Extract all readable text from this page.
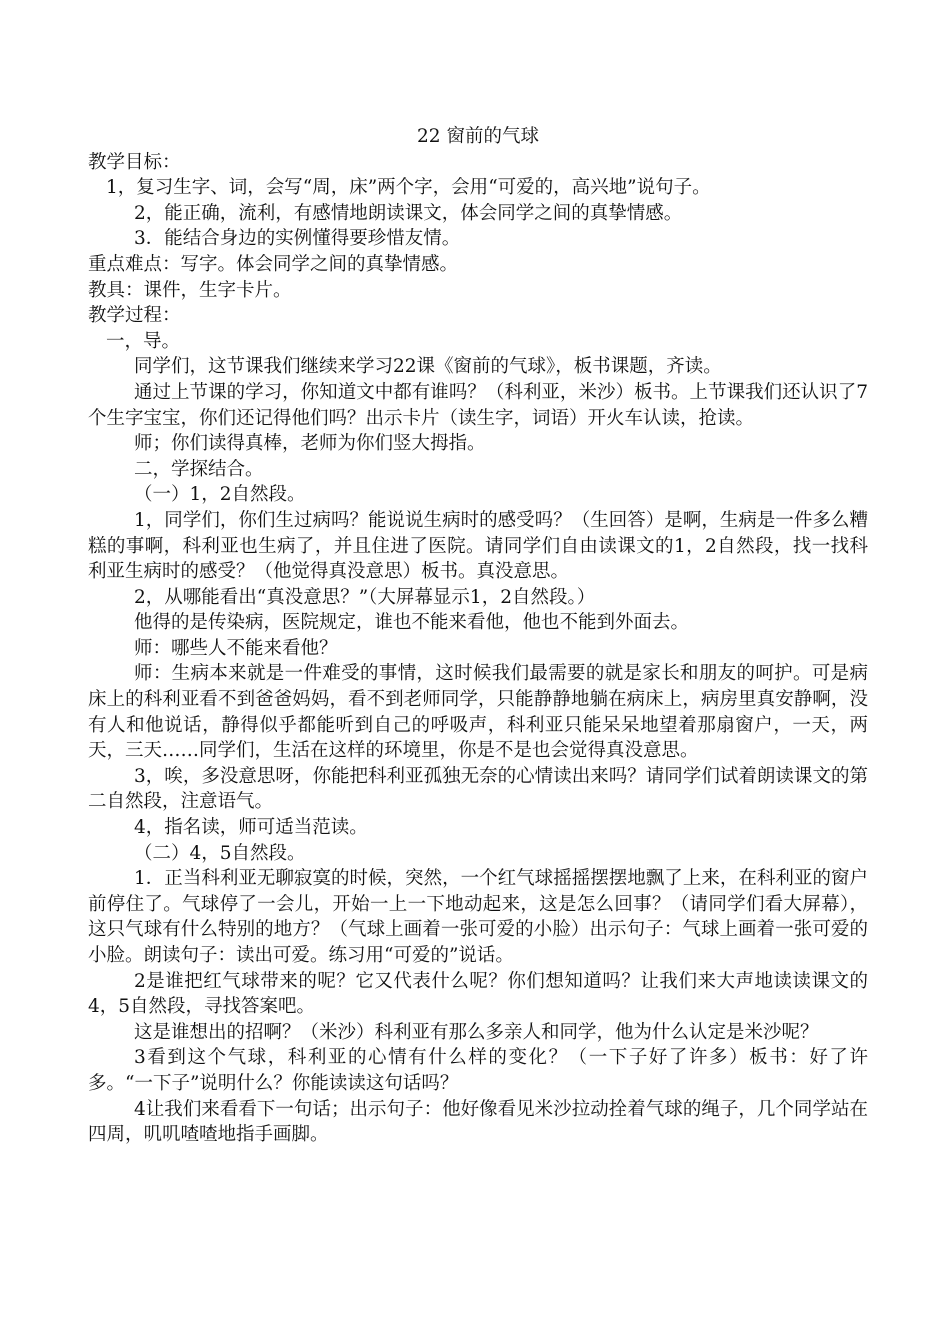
22 窗前的气球

教学目标：

1，复习生字、词，会写“周，床”两个字，会用“可爱的，高兴地”说句子。

2，能正确，流利，有感情地朗读课文，体会同学之间的真挚情感。

3．能结合身边的实例懂得要珍惜友情。

重点难点：写字。体会同学之间的真挚情感。

教具：课件，生字卡片。

教学过程：

一，导。

同学们，这节课我们继续来学习22课《窗前的气球》，板书课题，齐读。

通过上节课的学习，你知道文中都有谁吗？（科利亚，米沙）板书。上节课我们还认识了7个生字宝宝，你们还记得他们吗？出示卡片（读生字，词语）开火车认读，抢读。

师；你们读得真棒，老师为你们竖大拇指。

二，学探结合。

（一）1，2自然段。

1，同学们，你们生过病吗？能说说生病时的感受吗？（生回答）是啊，生病是一件多么糟糕的事啊，科利亚也生病了，并且住进了医院。请同学们自由读课文的1，2自然段，找一找科利亚生病时的感受？（他觉得真没意思）板书。真没意思。

2，从哪能看出“真没意思？”（大屏幕显示1，2自然段。）

他得的是传染病，医院规定，谁也不能来看他，他也不能到外面去。

师：哪些人不能来看他？

师：生病本来就是一件难受的事情，这时候我们最需要的就是家长和朋友的呵护。可是病床上的科利亚看不到爸爸妈妈，看不到老师同学，只能静静地躺在病床上，病房里真安静啊，没有人和他说话，静得似乎都能听到自己的呼吸声，科利亚只能呆呆地望着那扇窗户，一天，两天，三天……同学们，生活在这样的环境里，你是不是也会觉得真没意思。

3，唉，多没意思呀，你能把科利亚孤独无奈的心情读出来吗？请同学们试着朗读课文的第二自然段，注意语气。

4，指名读，师可适当范读。

（二）4，5自然段。

1．正当科利亚无聊寂寞的时候，突然，一个红气球摇摇摆摆地飘了上来，在科利亚的窗户前停住了。气球停了一会儿，开始一上一下地动起来，这是怎么回事？（请同学们看大屏幕），这只气球有什么特别的地方？（气球上画着一张可爱的小脸）出示句子：气球上画着一张可爱的小脸。朗读句子：读出可爱。练习用“可爱的”说话。

2是谁把红气球带来的呢？它又代表什么呢？你们想知道吗？让我们来大声地读读课文的4，5自然段，寻找答案吧。

这是谁想出的招啊？（米沙）科利亚有那么多亲人和同学，他为什么认定是米沙呢？

3看到这个气球，科利亚的心情有什么样的变化？（一下子好了许多）板书：好了许多。“一下子”说明什么？你能读读这句话吗？

4让我们来看看下一句话；出示句子：他好像看见米沙拉动拴着气球的绳子，几个同学站在四周，叽叽喳喳地指手画脚。
